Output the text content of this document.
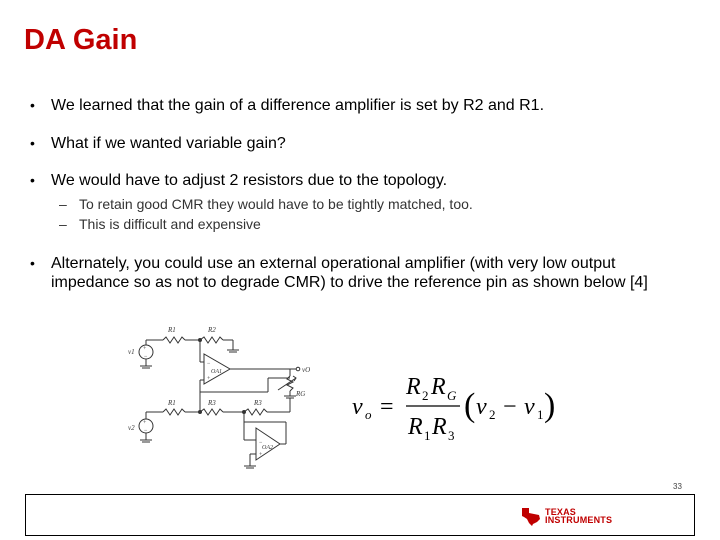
DA Gain
• We learned that the gain of a difference amplifier is set by R2 and R1.
• What if we wanted variable gain?
• We would have to adjust 2 resistors due to the topology.
– To retain good CMR they would have to be tightly matched, too.
– This is difficult and expensive
• Alternately, you could use an external operational amplifier (with very low output impedance so as not to degrade CMR) to drive the reference pin as shown below [4]
+
−
v1
R1	R2
−
+
OA1	vO
RG
+
−
v2
R1	R3	R3
−
+
OA2
v o =
R 2 R G
R 1 R 3
( v 2 − v 1 )
33
TEXAS
INSTRUMENTS
